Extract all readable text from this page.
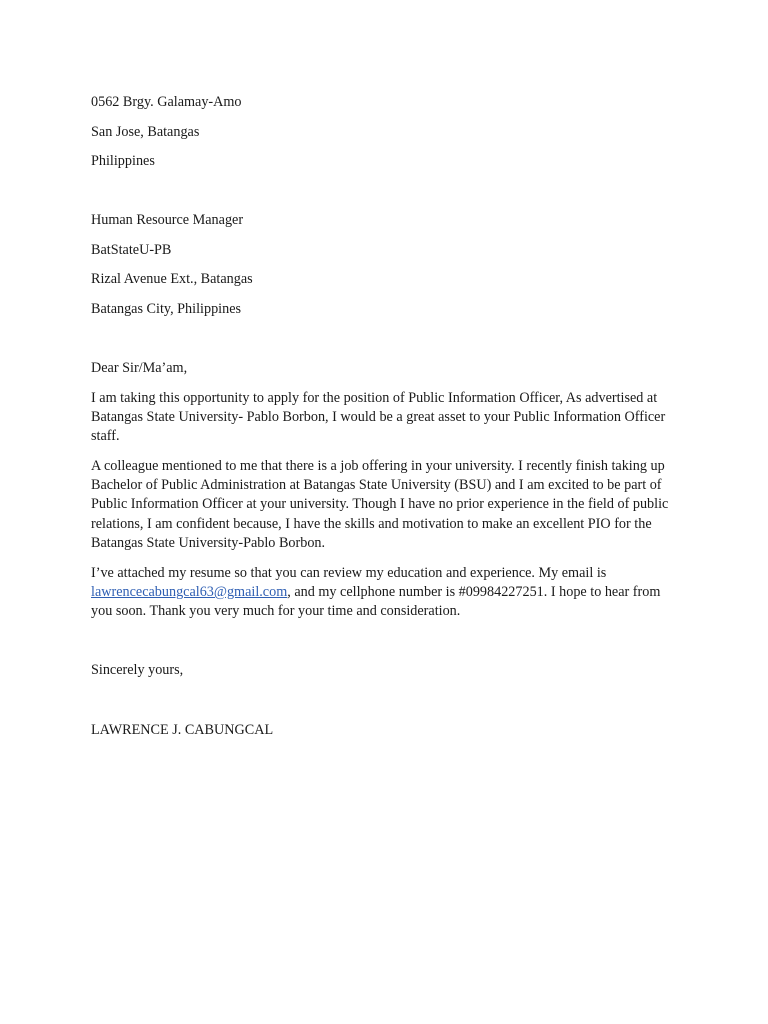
0562 Brgy. Galamay-Amo
San Jose, Batangas
Philippines
Human Resource Manager
BatStateU-PB
Rizal Avenue Ext., Batangas
Batangas City, Philippines
Dear Sir/Ma’am,
I am taking this opportunity to apply for the position of Public Information Officer, As advertised at Batangas State University- Pablo Borbon, I would be a great asset to your Public Information Officer staff.
A colleague mentioned to me that there is a job offering in your university. I recently finish taking up Bachelor of Public Administration at Batangas State University (BSU) and I am excited to be part of Public Information Officer at your university. Though I have no prior experience in the field of public relations, I am confident because, I have the skills and motivation to make an excellent PIO for the Batangas State University-Pablo Borbon.
I’ve attached my resume so that you can review my education and experience. My email is lawrencecabungcal63@gmail.com, and my cellphone number is #09984227251. I hope to hear from you soon. Thank you very much for your time and consideration.
Sincerely yours,
LAWRENCE J. CABUNGCAL
